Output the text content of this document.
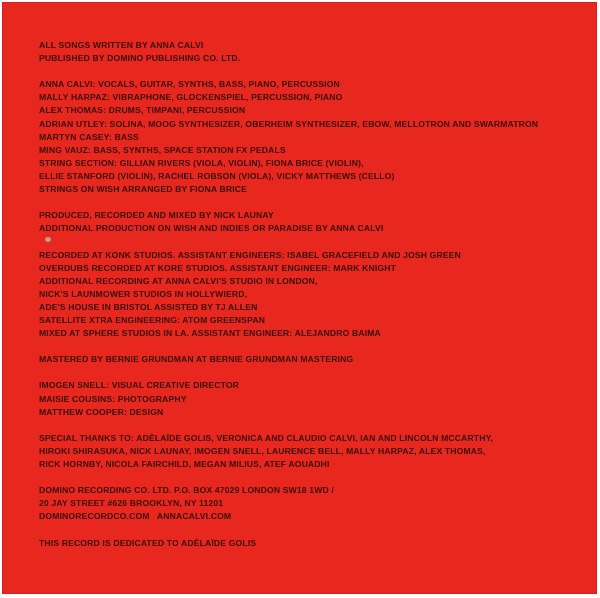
ALL SONGS WRITTEN BY ANNA CALVI
PUBLISHED BY DOMINO PUBLISHING CO. LTD.
ANNA CALVI: VOCALS, GUITAR, SYNTHS, BASS, PIANO, PERCUSSION
MALLY HARPAZ: VIBRAPHONE, GLOCKENSPIEL, PERCUSSION, PIANO
ALEX THOMAS: DRUMS, TIMPANI, PERCUSSION
ADRIAN UTLEY: SOLINA, MOOG SYNTHESIZER, OBERHEIM SYNTHESIZER, EBOW, MELLOTRON AND SWARMATRON
MARTYN CASEY: BASS
MING VAUZ: BASS, SYNTHS, SPACE STATION FX PEDALS
STRING SECTION: GILLIAN RIVERS (VIOLA, VIOLIN), FIONA BRICE (VIOLIN),
ELLIE STANFORD (VIOLIN), RACHEL ROBSON (VIOLA), VICKY MATTHEWS (CELLO)
STRINGS ON WISH ARRANGED BY FIONA BRICE
PRODUCED, RECORDED AND MIXED BY NICK LAUNAY
ADDITIONAL PRODUCTION ON WISH AND INDIES OR PARADISE BY ANNA CALVI
RECORDED AT KONK STUDIOS. ASSISTANT ENGINEERS: ISABEL GRACEFIELD AND JOSH GREEN
OVERDUBS RECORDED AT KORE STUDIOS. ASSISTANT ENGINEER: MARK KNIGHT
ADDITIONAL RECORDING AT ANNA CALVI'S STUDIO IN LONDON,
NICK'S LAUNMOWER STUDIOS IN HOLLYWIERD,
ADE'S HOUSE IN BRISTOL ASSISTED BY TJ ALLEN
SATELLITE XTRA ENGINEERING: ATOM GREENSPAN
MIXED AT SPHERE STUDIOS IN LA. ASSISTANT ENGINEER: ALEJANDRO BAIMA
MASTERED BY BERNIE GRUNDMAN AT BERNIE GRUNDMAN MASTERING
IMOGEN SNELL: VISUAL CREATIVE DIRECTOR
MAISIE COUSINS: PHOTOGRAPHY
MATTHEW COOPER: DESIGN
SPECIAL THANKS TO: ADÈLAÏDE GOLIS, VERONICA AND CLAUDIO CALVI, IAN AND LINCOLN MCCARTHY,
HIROKI SHIRASUKA, NICK LAUNAY, IMOGEN SNELL, LAURENCE BELL, MALLY HARPAZ, ALEX THOMAS,
RICK HORNBY, NICOLA FAIRCHILD, MEGAN MILIUS, ATEF AOUADHI
DOMINO RECORDING CO. LTD. P.O. BOX 47029 LONDON SW18 1WD /
20 JAY STREET #626 BROOKLYN, NY 11201
DOMINORECORDCO.COM   ANNACALVI.COM
THIS RECORD IS DEDICATED TO ADÈLAÏDE GOLIS
